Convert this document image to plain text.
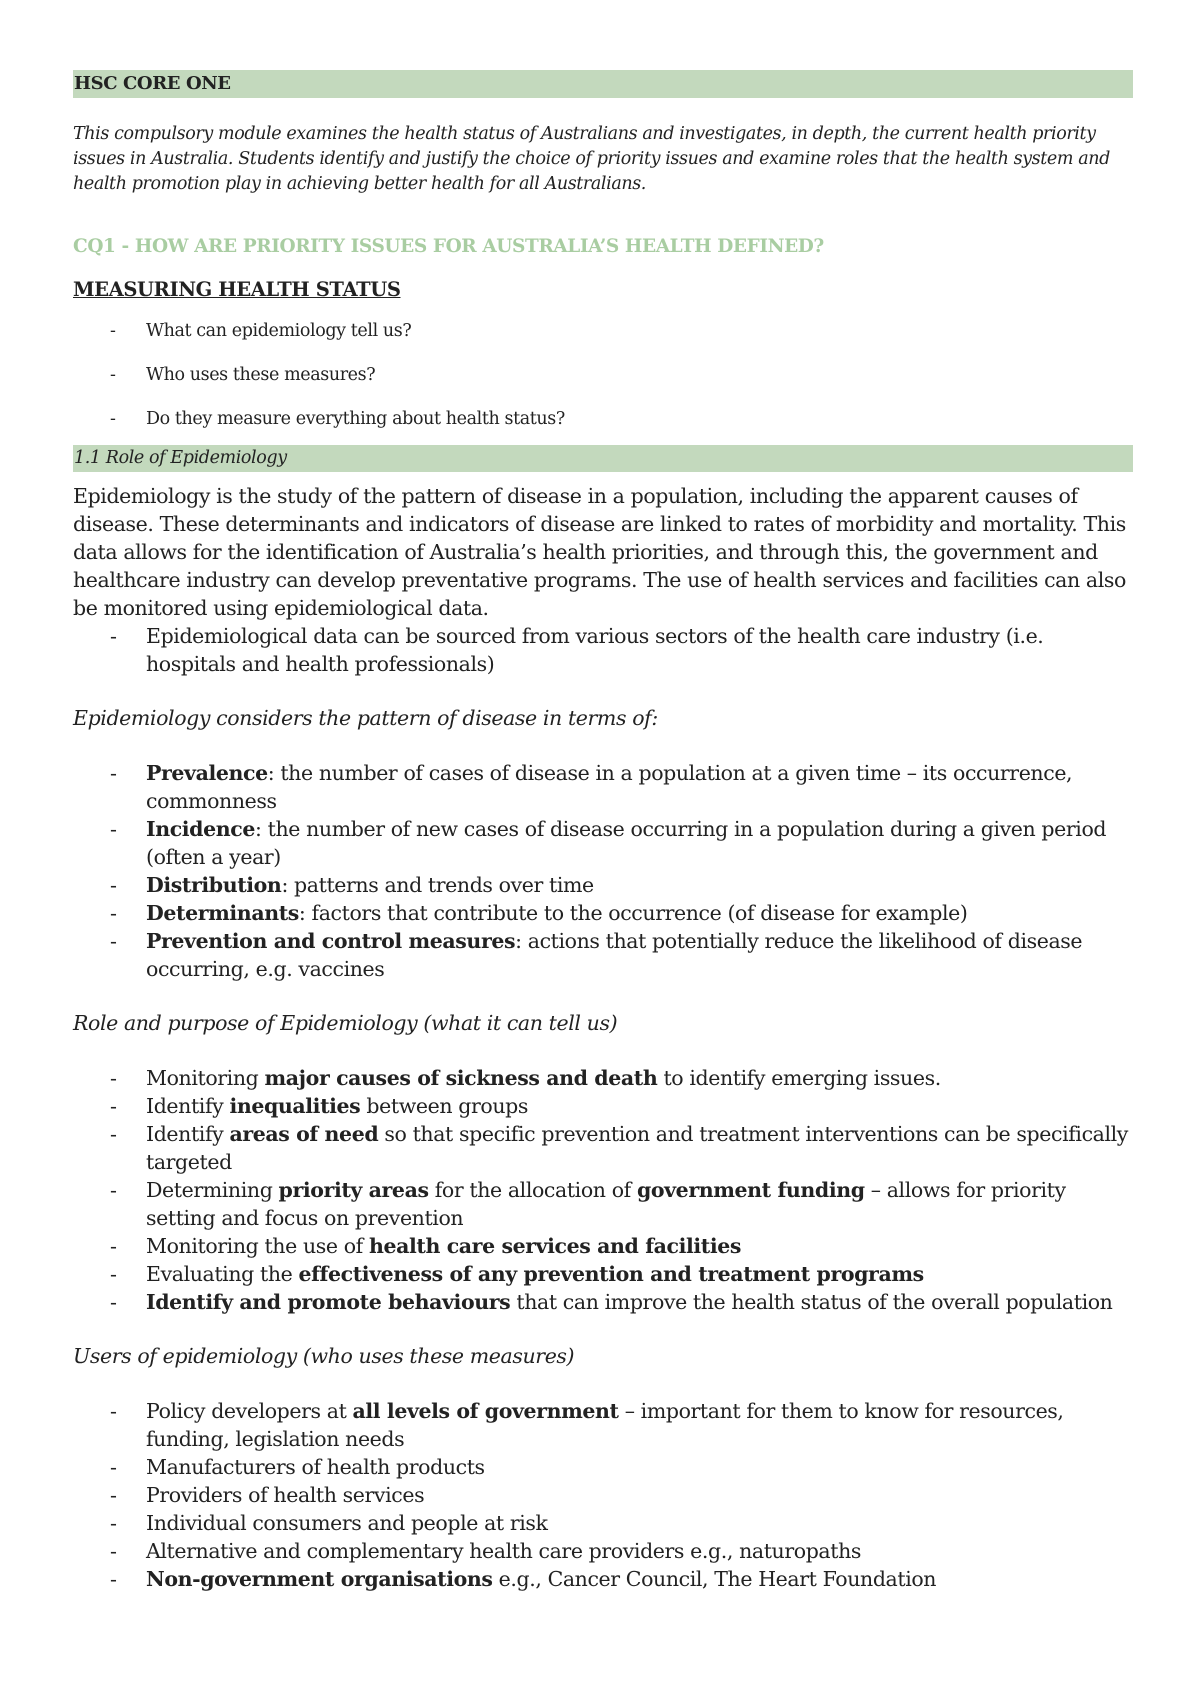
HSC CORE ONE

This compulsory module examines the health status of Australians and investigates, in depth, the current health priority issues in Australia. Students identify and justify the choice of priority issues and examine roles that the health system and health promotion play in achieving better health for all Australians.

CQ1 - HOW ARE PRIORITY ISSUES FOR AUSTRALIA’S HEALTH DEFINED?

MEASURING HEALTH STATUS

- What can epidemiology tell us?
- Who uses these measures?
- Do they measure everything about health status?
1.1 Role of Epidemiology

Epidemiology is the study of the pattern of disease in a population, including the apparent causes of disease. These determinants and indicators of disease are linked to rates of morbidity and mortality. This data allows for the identification of Australia’s health priorities, and through this, the government and healthcare industry can develop preventative programs. The use of health services and facilities can also be monitored using epidemiological data.

- Epidemiological data can be sourced from various sectors of the health care industry (i.e. hospitals and health professionals)

Epidemiology considers the pattern of disease in terms of:

- Prevalence: the number of cases of disease in a population at a given time – its occurrence, commonness
- Incidence: the number of new cases of disease occurring in a population during a given period (often a year)
- Distribution: patterns and trends over time
- Determinants: factors that contribute to the occurrence (of disease for example)
- Prevention and control measures: actions that potentially reduce the likelihood of disease occurring, e.g. vaccines

Role and purpose of Epidemiology (what it can tell us)

- Monitoring major causes of sickness and death to identify emerging issues.
- Identify inequalities between groups
- Identify areas of need so that specific prevention and treatment interventions can be specifically targeted
- Determining priority areas for the allocation of government funding – allows for priority setting and focus on prevention
- Monitoring the use of health care services and facilities
- Evaluating the effectiveness of any prevention and treatment programs
- Identify and promote behaviours that can improve the health status of the overall population

Users of epidemiology (who uses these measures)

- Policy developers at all levels of government – important for them to know for resources, funding, legislation needs
- Manufacturers of health products
- Providers of health services
- Individual consumers and people at risk
- Alternative and complementary health care providers e.g., naturopaths
- Non-government organisations e.g., Cancer Council, The Heart Foundation
